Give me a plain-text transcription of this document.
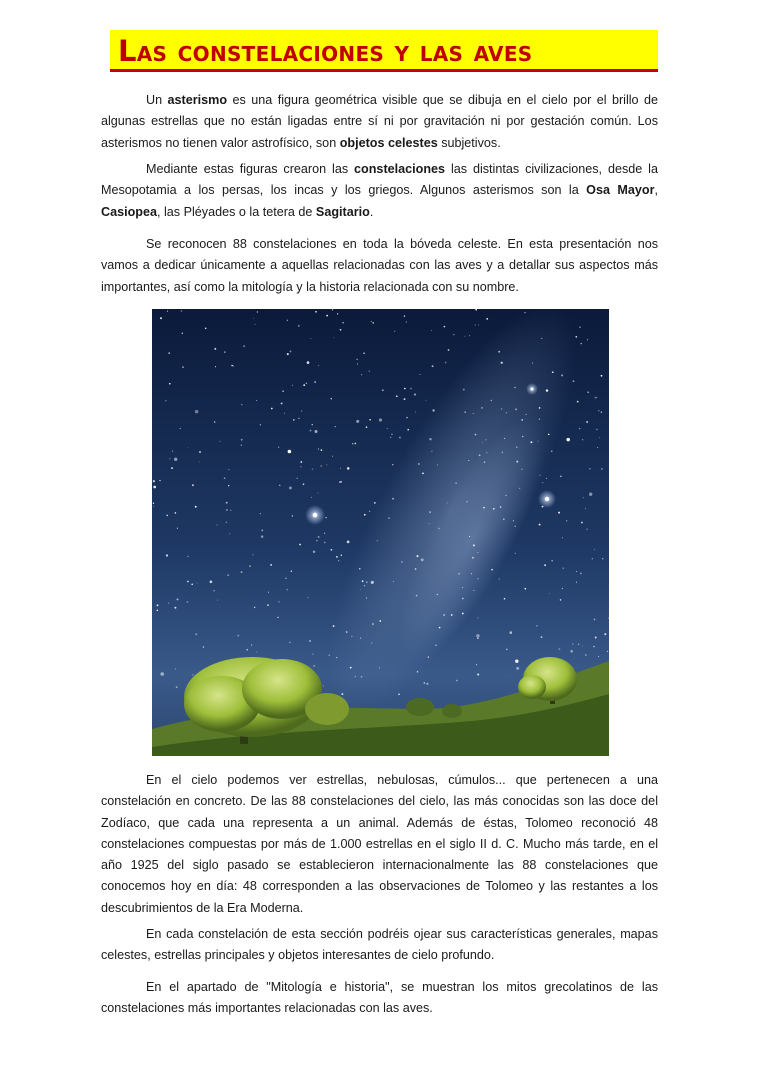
Las constelaciones y las aves

Un asterismo es una figura geométrica visible que se dibuja en el cielo por el brillo de algunas estrellas que no están ligadas entre sí ni por gravitación ni por gestación común. Los asterismos no tienen valor astrofísico, son objetos celestes subjetivos.

Mediante estas figuras crearon las constelaciones las distintas civilizaciones, desde la Mesopotamia a los persas, los incas y los griegos. Algunos asterismos son la Osa Mayor, Casiopea, las Pléyades o la tetera de Sagitario.

Se reconocen 88 constelaciones en toda la bóveda celeste. En esta presentación nos vamos a dedicar únicamente a aquellas relacionadas con las aves y a detallar sus aspectos más importantes, así como la mitología y la historia relacionada con su nombre.

En el cielo podemos ver estrellas, nebulosas, cúmulos... que pertenecen a una constelación en concreto. De las 88 constelaciones del cielo, las más conocidas son las doce del Zodíaco, que cada una representa a un animal. Además de éstas, Tolomeo reconoció 48 constelaciones compuestas por más de 1.000 estrellas en el siglo II d. C. Mucho más tarde, en el año 1925 del siglo pasado se establecieron internacionalmente las 88 constelaciones que conocemos hoy en día: 48 corresponden a las observaciones de Tolomeo y las restantes a los descubrimientos de la Era Moderna.

En cada constelación de esta sección podréis ojear sus características generales, mapas celestes, estrellas principales y objetos interesantes de cielo profundo.

En el apartado de "Mitología e historia", se muestran los mitos grecolatinos de las constelaciones más importantes relacionadas con las aves.
